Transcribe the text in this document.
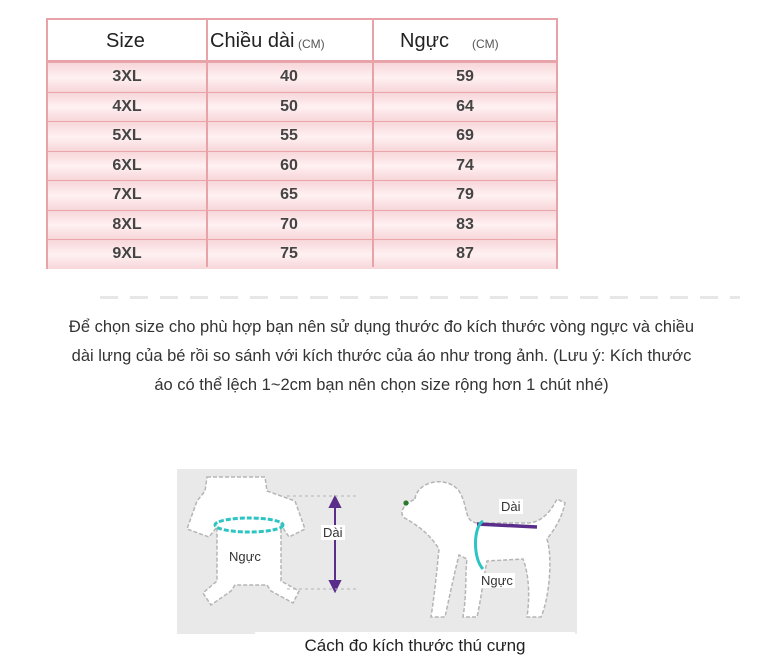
Size	Chiều dài (CM)	Ngực (CM)
3XL	40	59
4XL	50	64
5XL	55	69
6XL	60	74
7XL	65	79
8XL	70	83
9XL	75	87
Để chọn size cho phù hợp bạn nên sử dụng thước đo kích thước vòng ngực và chiều
dài lưng của bé rồi so sánh với kích thước của áo như trong ảnh. (Lưu ý: Kích thước
áo có thể lệch 1~2cm bạn nên chọn size rộng hơn 1 chút nhé)
Ngực
Dài
Dài
Ngực
Cách đo kích thước thú cưng
